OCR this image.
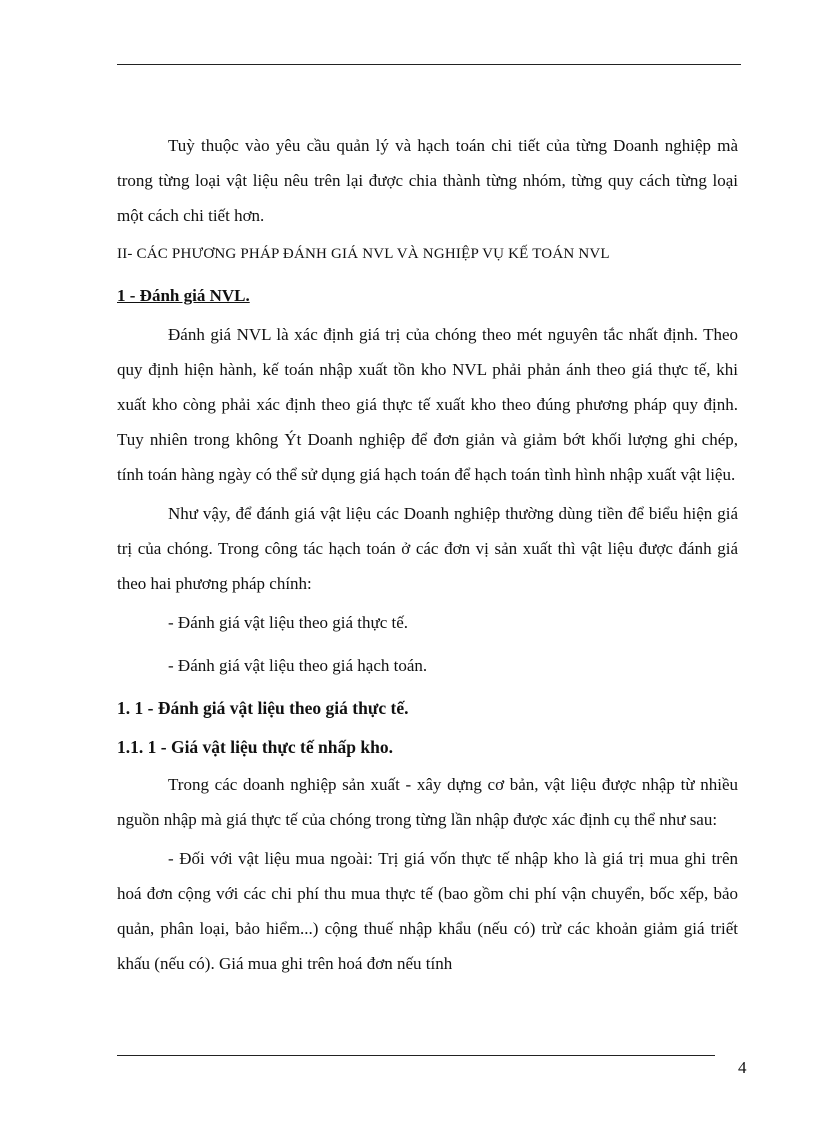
Tuỳ thuộc vào yêu cầu quản lý và hạch toán chi tiết của từng Doanh nghiệp mà trong từng loại vật liệu nêu trên lại được chia thành từng nhóm, từng quy cách từng loại một cách chi tiết hơn.

II- CÁC PHƯƠNG PHÁP ĐÁNH GIÁ NVL VÀ NGHIỆP VỤ KẾ TOÁN NVL

1 - Đánh giá NVL.

Đánh giá NVL là xác định giá trị của chóng theo mét nguyên tắc nhất định. Theo quy định hiện hành, kế toán nhập xuất tồn kho NVL phải phản ánh theo giá thực tế, khi xuất kho còng phải xác định theo giá thực tế xuất kho theo đúng phương pháp quy định. Tuy nhiên trong không Ýt Doanh nghiệp để đơn giản và giảm bớt khối lượng ghi chép, tính toán hàng ngày có thể sử dụng giá hạch toán để hạch toán tình hình nhập xuất vật liệu.

Như vậy, để đánh giá vật liệu các Doanh nghiệp thường dùng tiền để biểu hiện giá trị của chóng. Trong công tác hạch toán ở các đơn vị sản xuất thì vật liệu được đánh giá theo hai phương pháp chính:

- Đánh giá vật liệu theo giá thực tế.

- Đánh giá vật liệu theo giá hạch toán.

1. 1 - Đánh giá vật liệu theo giá thực tế.

1.1. 1 - Giá vật liệu thực tế nhấp kho.

Trong các doanh nghiệp sản xuất - xây dựng cơ bản, vật liệu được nhập từ nhiều nguồn nhập mà giá thực tế của chóng trong từng lần nhập được xác định cụ thể như sau:

- Đối với vật liệu mua ngoài: Trị giá vốn thực tế nhập kho là giá trị mua ghi trên hoá đơn cộng với các chi phí thu mua thực tế (bao gồm chi phí vận chuyển, bốc xếp, bảo quản, phân loại, bảo hiểm...) cộng thuế nhập khẩu (nếu có) trừ các khoản giảm giá triết khấu (nếu có). Giá mua ghi trên hoá đơn nếu tính

4
